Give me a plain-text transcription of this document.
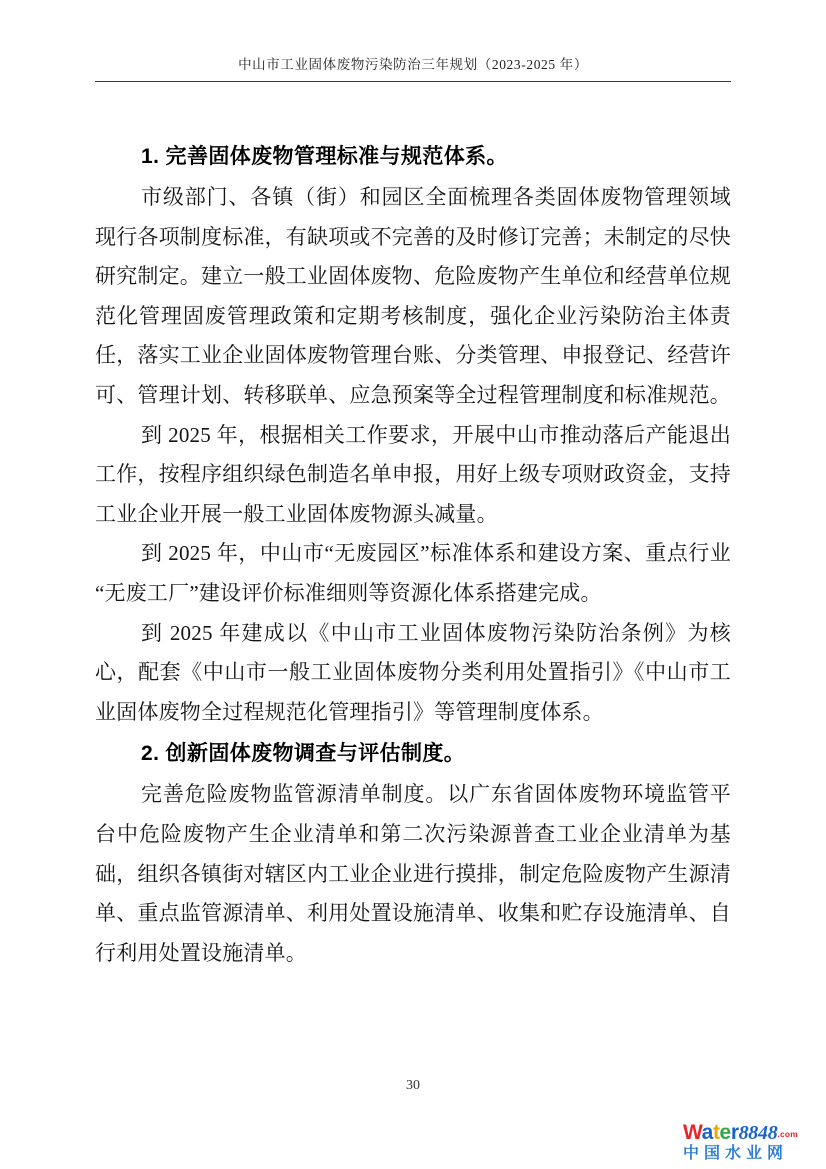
中山市工业固体废物污染防治三年规划（2023-2025 年）
1. 完善固体废物管理标准与规范体系。

市级部门、各镇（街）和园区全面梳理各类固体废物管理领域现行各项制度标准，有缺项或不完善的及时修订完善；未制定的尽快研究制定。建立一般工业固体废物、危险废物产生单位和经营单位规范化管理固废管理政策和定期考核制度，强化企业污染防治主体责任，落实工业企业固体废物管理台账、分类管理、申报登记、经营许可、管理计划、转移联单、应急预案等全过程管理制度和标准规范。

到 2025 年，根据相关工作要求，开展中山市推动落后产能退出工作，按程序组织绿色制造名单申报，用好上级专项财政资金，支持工业企业开展一般工业固体废物源头减量。

到 2025 年，中山市“无废园区”标准体系和建设方案、重点行业“无废工厂”建设评价标准细则等资源化体系搭建完成。

到 2025 年建成以《中山市工业固体废物污染防治条例》为核心，配套《中山市一般工业固体废物分类利用处置指引》《中山市工业固体废物全过程规范化管理指引》等管理制度体系。

2. 创新固体废物调查与评估制度。

完善危险废物监管源清单制度。以广东省固体废物环境监管平台中危险废物产生企业清单和第二次污染源普查工业企业清单为基础，组织各镇街对辖区内工业企业进行摸排，制定危险废物产生源清单、重点监管源清单、利用处置设施清单、收集和贮存设施清单、自行利用处置设施清单。

30
Water8848.com
中国水业网
